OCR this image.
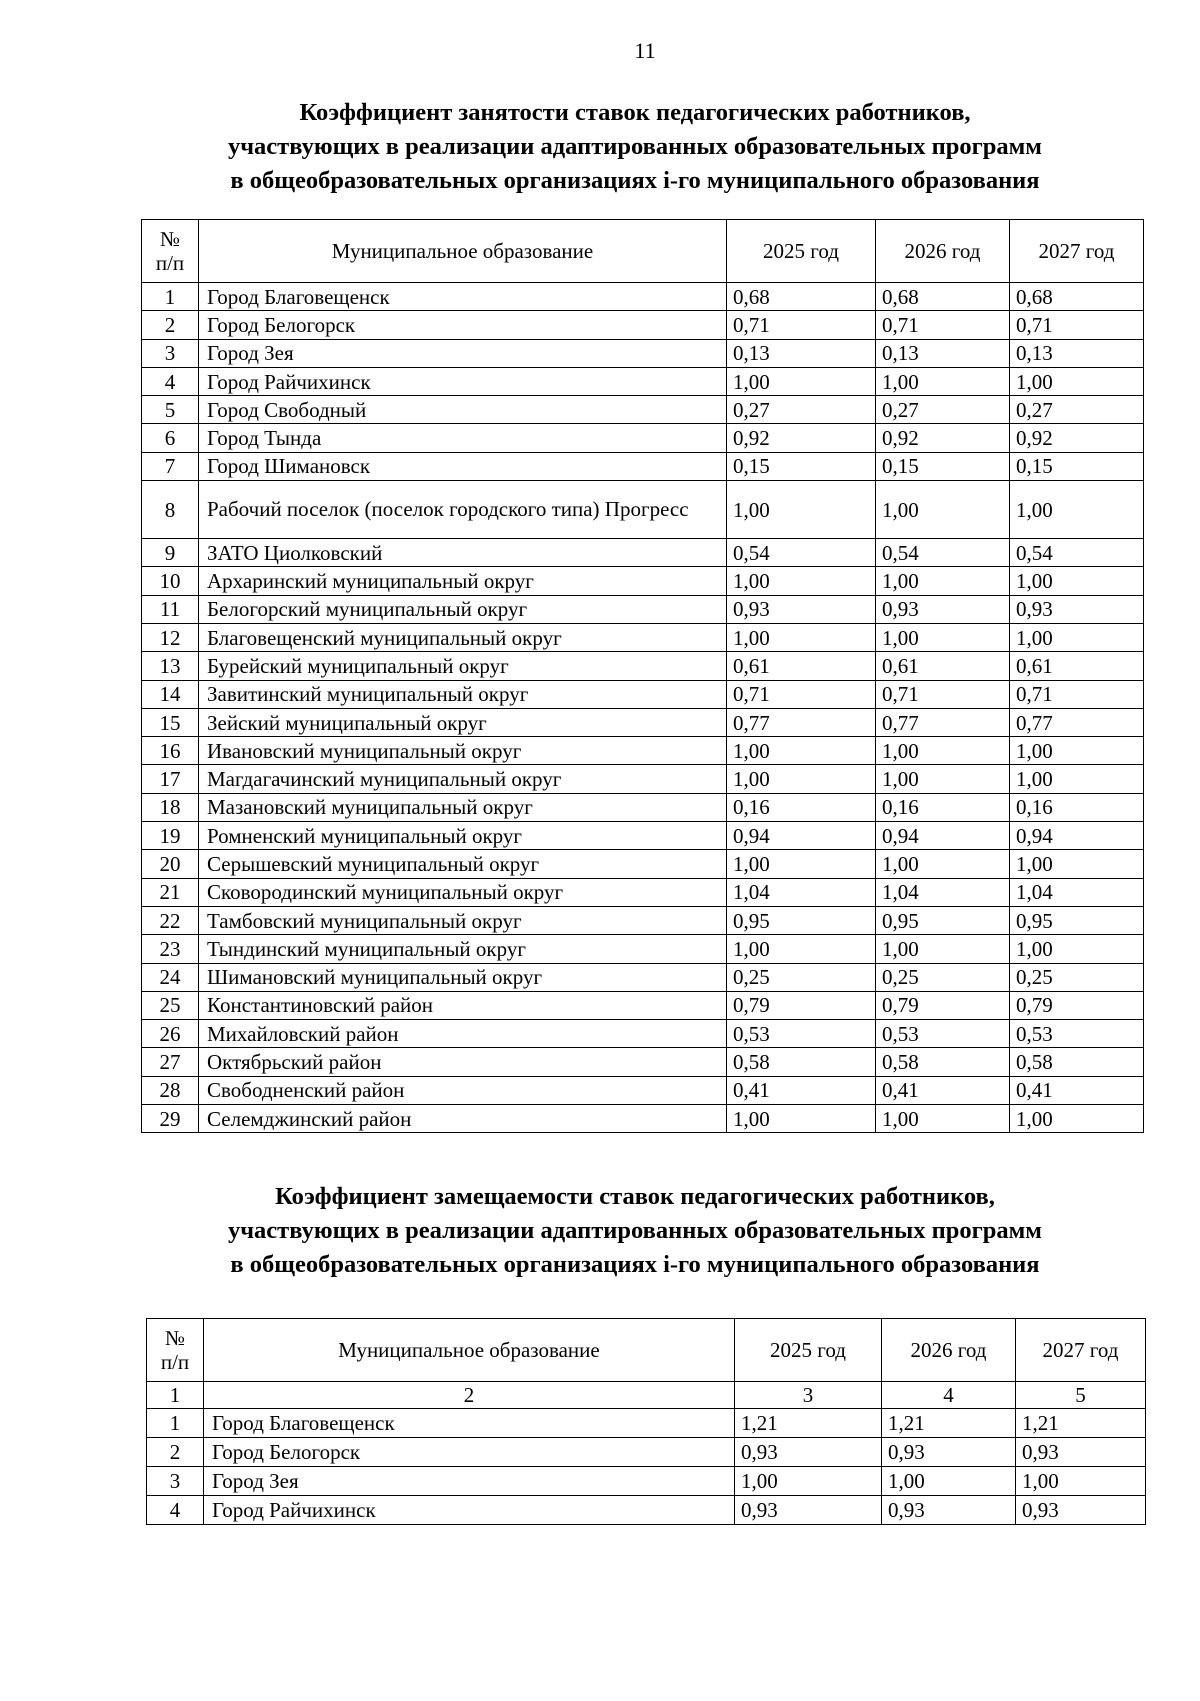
11
Коэффициент занятости ставок педагогических работников,
участвующих в реализации адаптированных образовательных программ
в общеобразовательных организациях i-го муниципального образования
№
п/п	Муниципальное образование	2025 год	2026 год	2027 год
1	Город Благовещенск	0,68	0,68	0,68
2	Город Белогорск	0,71	0,71	0,71
3	Город Зея	0,13	0,13	0,13
4	Город Райчихинск	1,00	1,00	1,00
5	Город Свободный	0,27	0,27	0,27
6	Город Тында	0,92	0,92	0,92
7	Город Шимановск	0,15	0,15	0,15
8	Рабочий поселок (поселок городского типа) Прогресс	1,00	1,00	1,00
9	ЗАТО Циолковский	0,54	0,54	0,54
10	Архаринский муниципальный округ	1,00	1,00	1,00
11	Белогорский муниципальный округ	0,93	0,93	0,93
12	Благовещенский муниципальный округ	1,00	1,00	1,00
13	Бурейский муниципальный округ	0,61	0,61	0,61
14	Завитинский муниципальный округ	0,71	0,71	0,71
15	Зейский муниципальный округ	0,77	0,77	0,77
16	Ивановский муниципальный округ	1,00	1,00	1,00
17	Магдагачинский муниципальный округ	1,00	1,00	1,00
18	Мазановский муниципальный округ	0,16	0,16	0,16
19	Ромненский муниципальный округ	0,94	0,94	0,94
20	Серышевский муниципальный округ	1,00	1,00	1,00
21	Сковородинский муниципальный округ	1,04	1,04	1,04
22	Тамбовский муниципальный округ	0,95	0,95	0,95
23	Тындинский муниципальный округ	1,00	1,00	1,00
24	Шимановский муниципальный округ	0,25	0,25	0,25
25	Константиновский район	0,79	0,79	0,79
26	Михайловский район	0,53	0,53	0,53
27	Октябрьский район	0,58	0,58	0,58
28	Свободненский район	0,41	0,41	0,41
29	Селемджинский район	1,00	1,00	1,00
Коэффициент замещаемости ставок педагогических работников,
участвующих в реализации адаптированных образовательных программ
в общеобразовательных организациях i-го муниципального образования
№
п/п	Муниципальное образование	2025 год	2026 год	2027 год
1	2	3	4	5
1	Город Благовещенск	1,21	1,21	1,21
2	Город Белогорск	0,93	0,93	0,93
3	Город Зея	1,00	1,00	1,00
4	Город Райчихинск	0,93	0,93	0,93
